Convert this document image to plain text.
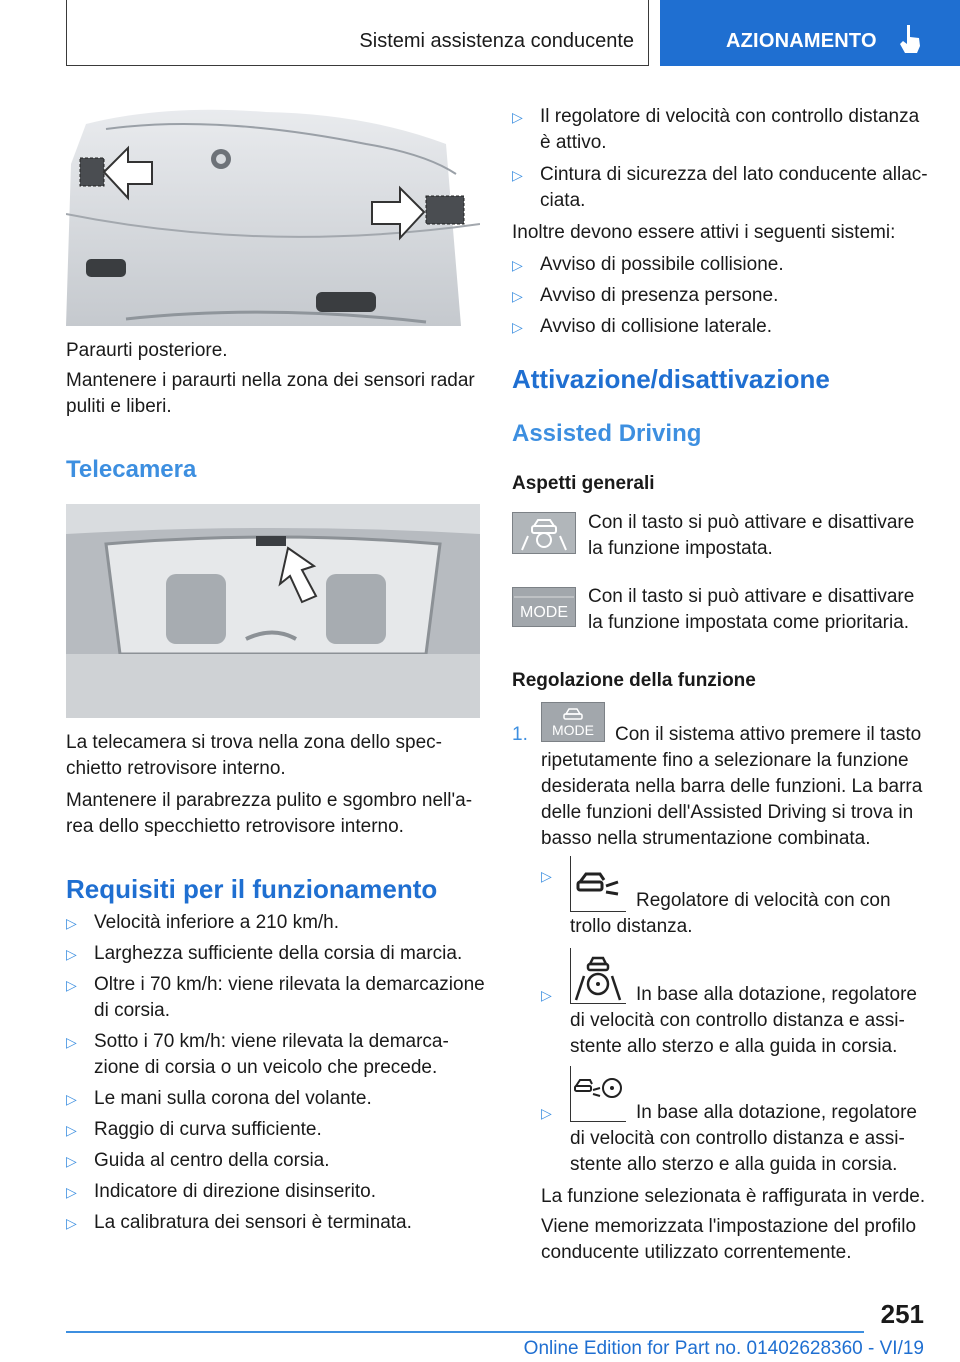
Sistemi assistenza conducente	AZIONAMENTO
Paraurti posteriore.
Mantenere i paraurti nella zona dei sensori radar puliti e liberi.
Telecamera
La telecamera si trova nella zona dello specchietto retrovisore interno.
Mantenere il parabrezza pulito e sgombro nell'area dello specchietto retrovisore interno.
Requisiti per il funzionamento
▷ Velocità inferiore a 210 km/h.
▷ Larghezza sufficiente della corsia di marcia.
▷ Oltre i 70 km/h: viene rilevata la demarcazione di corsia.
▷ Sotto i 70 km/h: viene rilevata la demarcazione di corsia o un veicolo che precede.
▷ Le mani sulla corona del volante.
▷ Raggio di curva sufficiente.
▷ Guida al centro della corsia.
▷ Indicatore di direzione disinserito.
▷ La calibratura dei sensori è terminata.
▷ Il regolatore di velocità con controllo distanza è attivo.
▷ Cintura di sicurezza del lato conducente allacciata.
Inoltre devono essere attivi i seguenti sistemi:
▷ Avviso di possibile collisione.
▷ Avviso di presenza persone.
▷ Avviso di collisione laterale.
Attivazione/disattivazione
Assisted Driving
Aspetti generali
Con il tasto si può attivare e disattivare la funzione impostata.
MODE
Con il tasto si può attivare e disattivare la funzione impostata come prioritaria.
Regolazione della funzione
1.	MODE	Con il sistema attivo premere il tasto ripetutamente fino a selezionare la funzione desiderata nella barra delle funzioni. La barra delle funzioni dell'Assisted Driving si trova in basso nella strumentazione combinata.
▷
Regolatore di velocità con con
trollo distanza.
▷	In base alla dotazione, regolatore
di velocità con controllo distanza e assistente allo sterzo e alla guida in corsia.
▷	In base alla dotazione, regolatore
di velocità con controllo distanza e assistente allo sterzo e alla guida in corsia.
La funzione selezionata è raffigurata in verde.
Viene memorizzata l'impostazione del profilo conducente utilizzato correntemente.
251
Online Edition for Part no. 01402628360 - VI/19
